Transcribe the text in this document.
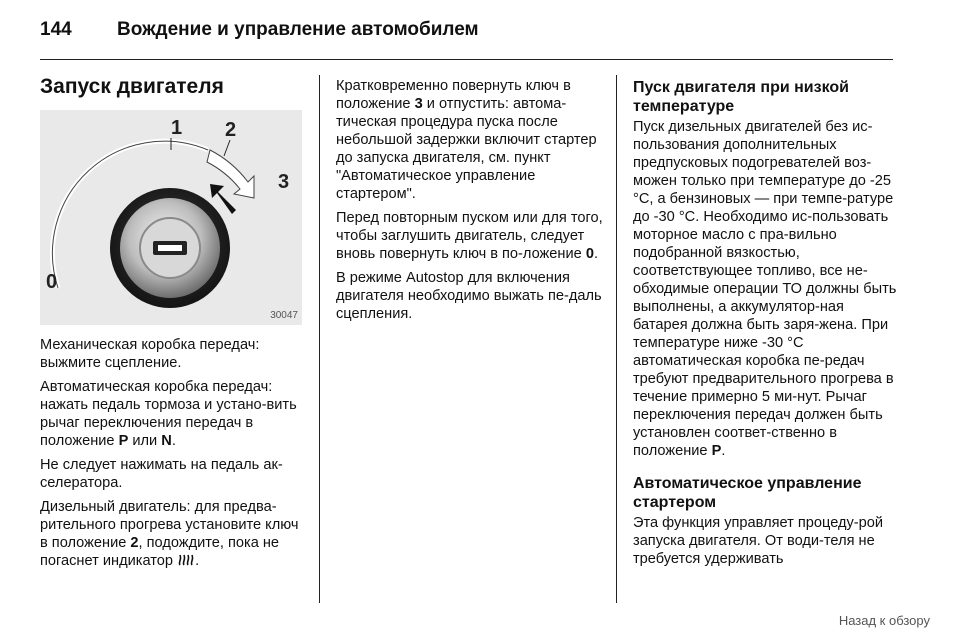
144 Вождение и управление автомобилем
Запуск двигателя
1 2
3
0
30047

Механическая коробка передач: выжмите сцепление.

Автоматическая коробка передач: нажать педаль тормоза и устано-вить рычаг переключения передач в положение P или N.

Не следует нажимать на педаль ак-селератора.

Дизельный двигатель: для предва-рительного прогрева установите ключ в положение 2, подождите, пока не погаснет индикатор .

Кратковременно повернуть ключ в положение 3 и отпустить: автома-тическая процедура пуска после небольшой задержки включит стартер до запуска двигателя, см. пункт "Автоматическое управление стартером".

Перед повторным пуском или для того, чтобы заглушить двигатель, следует вновь повернуть ключ в по-ложение 0.

В режиме Autostop для включения двигателя необходимо выжать пе-даль сцепления.

Пуск двигателя при низкой температуре

Пуск дизельных двигателей без ис-пользования дополнительных предпусковых подогревателей воз-можен только при температуре до -25 °C, а бензиновых — при темпе-ратуре до -30 °C. Необходимо ис-пользовать моторное масло с пра-вильно подобранной вязкостью, соответствующее топливо, все не-обходимые операции ТО должны быть выполнены, а аккумулятор-ная батарея должна быть заря-жена. При температуре ниже -30 °C автоматическая коробка пе-редач требуют предварительного прогрева в течение примерно 5 ми-нут. Рычаг переключения передач должен быть установлен соответ-ственно в положение P.

Автоматическое управление стартером

Эта функция управляет процеду-рой запуска двигателя. От води-теля не требуется удерживать

Назад к обзору
